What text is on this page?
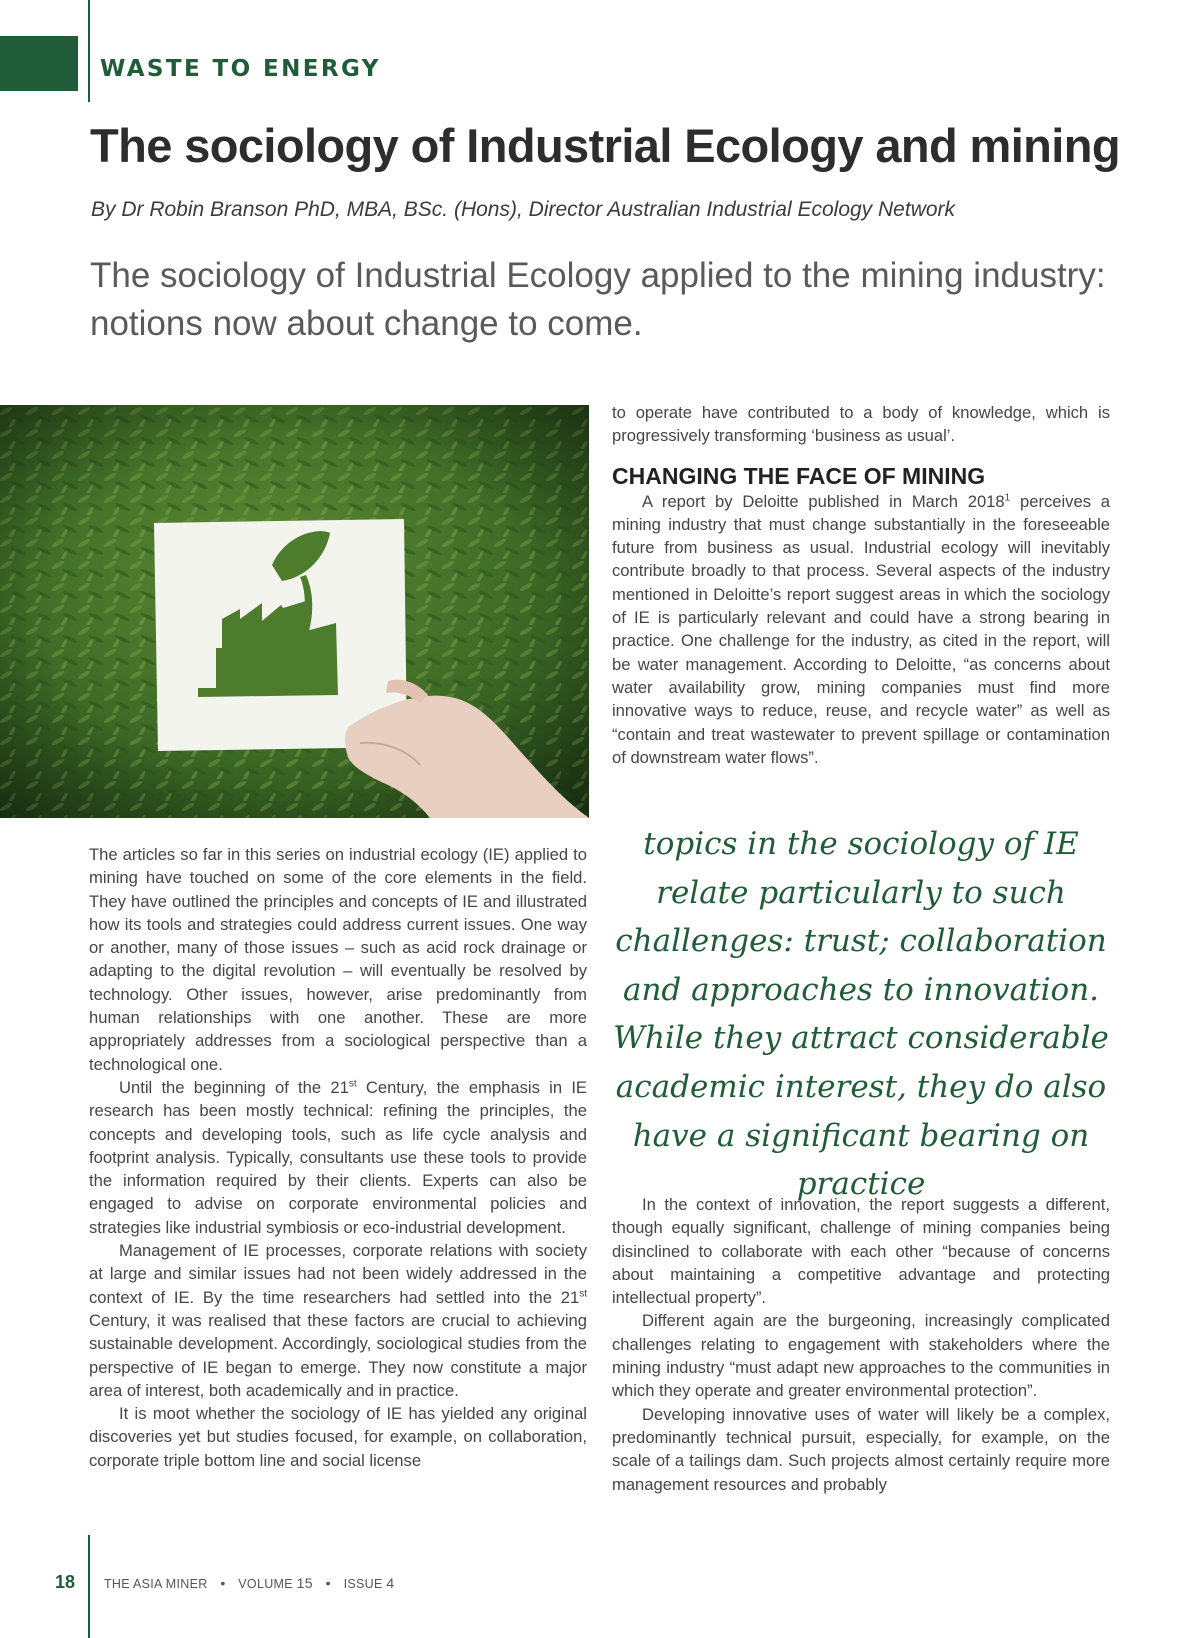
WASTE TO ENERGY
The sociology of Industrial Ecology and mining
By Dr Robin Branson PhD, MBA, BSc. (Hons), Director Australian Industrial Ecology Network
The sociology of Industrial Ecology applied to the mining industry:
notions now about change to come.

The articles so far in this series on industrial ecology (IE) applied to mining have touched on some of the core elements in the field. They have outlined the principles and concepts of IE and illustrated how its tools and strategies could address current issues. One way or another, many of those issues – such as acid rock drainage or adapting to the digital revolution – will eventually be resolved by technology. Other issues, however, arise predominantly from human relationships with one another. These are more appropriately addresses from a sociological perspective than a technological one.

Until the beginning of the 21st Century, the emphasis in IE research has been mostly technical: refining the principles, the concepts and developing tools, such as life cycle analysis and footprint analysis. Typically, consultants use these tools to provide the information required by their clients. Experts can also be engaged to advise on corporate environmental policies and strategies like industrial symbiosis or eco-industrial development.

Management of IE processes, corporate relations with society at large and similar issues had not been widely addressed in the context of IE. By the time researchers had settled into the 21st Century, it was realised that these factors are crucial to achieving sustainable development. Accordingly, sociological studies from the perspective of IE began to emerge. They now constitute a major area of interest, both academically and in practice.

It is moot whether the sociology of IE has yielded any original discoveries yet but studies focused, for example, on collaboration, corporate triple bottom line and social license

to operate have contributed to a body of knowledge, which is progressively transforming ‘business as usual’.

CHANGING THE FACE OF MINING

A report by Deloitte published in March 2018$^1$ perceives a mining industry that must change substantially in the foreseeable future from business as usual. Industrial ecology will inevitably contribute broadly to that process. Several aspects of the industry mentioned in Deloitte’s report suggest areas in which the sociology of IE is particularly relevant and could have a strong bearing in practice. One challenge for the industry, as cited in the report, will be water management. According to Deloitte, “as concerns about water availability grow, mining companies must find more innovative ways to reduce, reuse, and recycle water” as well as “contain and treat wastewater to prevent spillage or contamination of downstream water flows”.

topics in the sociology of IE relate particularly to such challenges: trust; collaboration and approaches to innovation. While they attract considerable academic interest, they do also have a significant bearing on practice

In the context of innovation, the report suggests a different, though equally significant, challenge of mining companies being disinclined to collaborate with each other “because of concerns about maintaining a competitive advantage and protecting intellectual property”.

Different again are the burgeoning, increasingly complicated challenges relating to engagement with stakeholders where the mining industry “must adapt new approaches to the communities in which they operate and greater environmental protection”.

Developing innovative uses of water will likely be a complex, predominantly technical pursuit, especially, for example, on the scale of a tailings dam. Such projects almost certainly require more management resources and probably

18 THE ASIA MINER • VOLUME 15 • ISSUE 4
